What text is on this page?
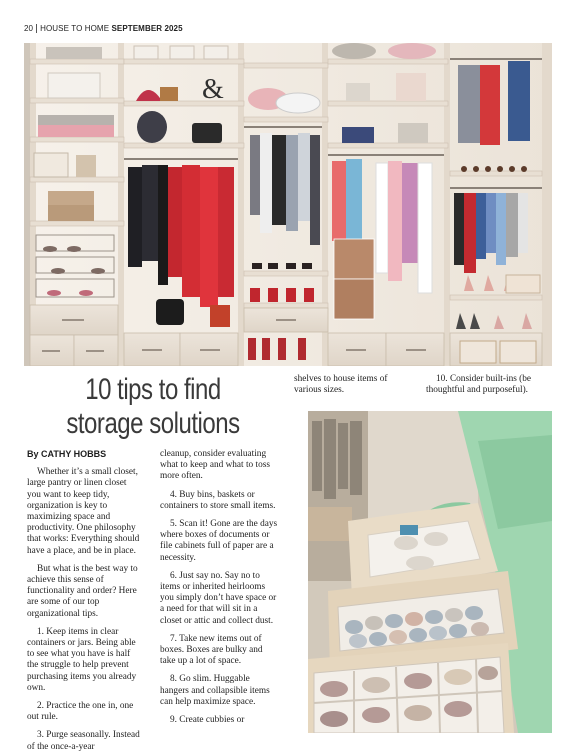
20 HOUSE TO HOME SEPTEMBER 2025
&
10 tips to find storage solutions

By CATHY HOBBS

Whether it’s a small closet, large pantry or linen closet you want to keep tidy, organization is key to maximizing space and productivity. One philosophy that works: Everything should have a place, and be in place.

But what is the best way to achieve this sense of functionality and order? Here are some of our top organizational tips.

1. Keep items in clear containers or jars. Being able to see what you have is half the struggle to help prevent purchasing items you already own.

2. Practice the one in, one out rule.

3. Purge seasonally. Instead of the once-a-year

cleanup, consider evaluating what to keep and what to toss more often.

4. Buy bins, baskets or containers to store small items.

5. Scan it! Gone are the days where boxes of documents or file cabinets full of paper are a necessity.

6. Just say no. Say no to items or inherited heirlooms you simply don’t have space or a need for that will sit in a closet or attic and collect dust.

7. Take new items out of boxes. Boxes are bulky and take up a lot of space.

8. Go slim. Huggable hangers and collapsible items can help maximize space.

9. Create cubbies or

shelves to house items of various sizes.

10. Consider built-ins (be thoughtful and purposeful).
